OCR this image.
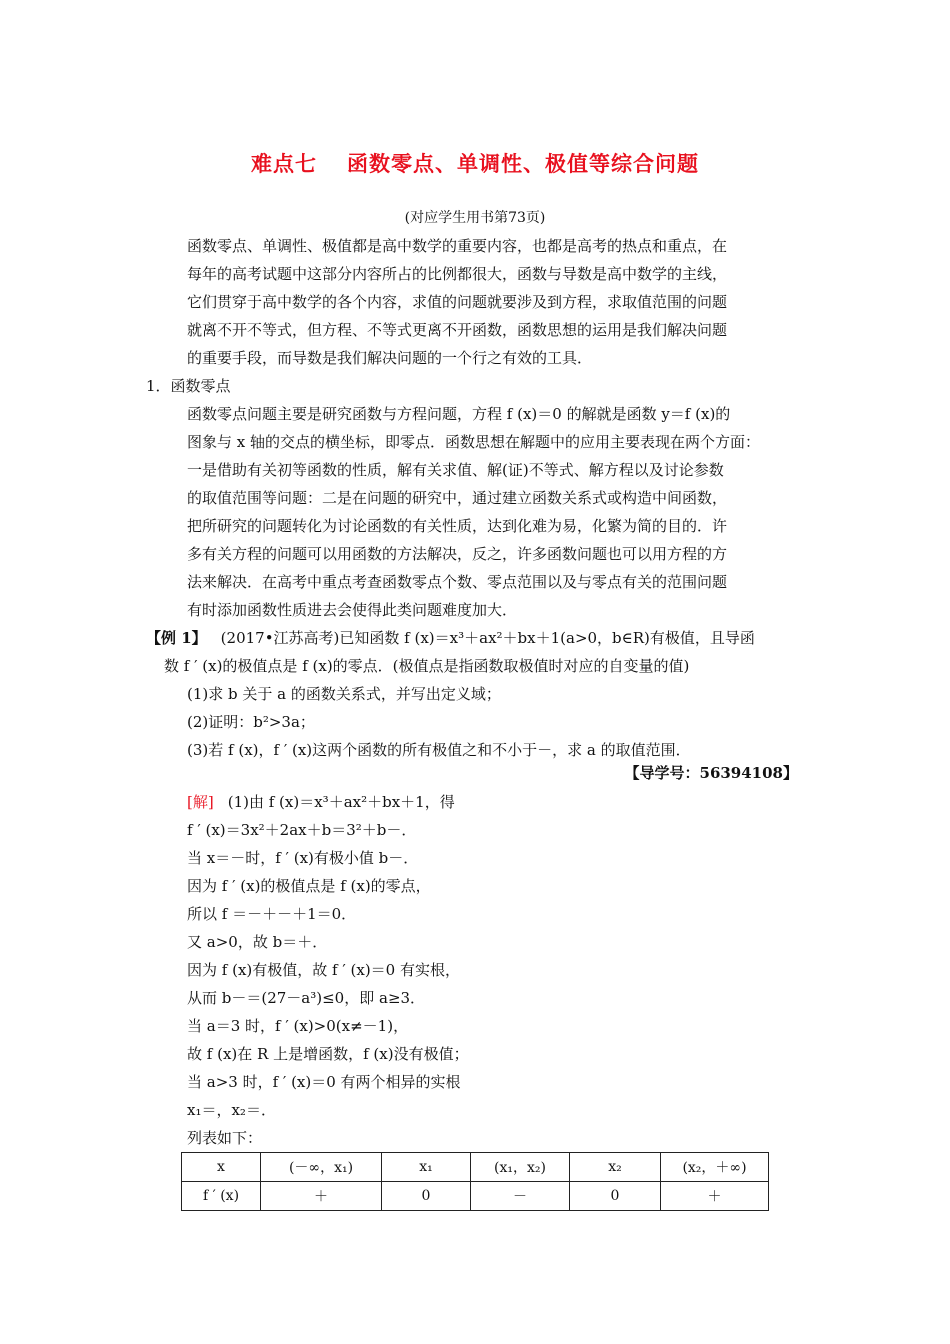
难点七 函数零点、单调性、极值等综合问题
(对应学生用书第73页)
函数零点、单调性、极值都是高中数学的重要内容，也都是高考的热点和重点，在
每年的高考试题中这部分内容所占的比例都很大，函数与导数是高中数学的主线，
它们贯穿于高中数学的各个内容，求值的问题就要涉及到方程，求取值范围的问题
就离不开不等式，但方程、不等式更离不开函数，函数思想的运用是我们解决问题
的重要手段，而导数是我们解决问题的一个行之有效的工具．
1．函数零点
函数零点问题主要是研究函数与方程问题，方程 f (x)＝0 的解就是函数 y＝f (x)的
图象与 x 轴的交点的横坐标，即零点．函数思想在解题中的应用主要表现在两个方面：
一是借助有关初等函数的性质，解有关求值、解(证)不等式、解方程以及讨论参数
的取值范围等问题：二是在问题的研究中，通过建立函数关系式或构造中间函数，
把所研究的问题转化为讨论函数的有关性质，达到化难为易，化繁为简的目的．许
多有关方程的问题可以用函数的方法解决，反之，许多函数问题也可以用方程的方
法来解决．在高考中重点考查函数零点个数、零点范围以及与零点有关的范围问题
有时添加函数性质进去会使得此类问题难度加大．
【例 1】 (2017•江苏高考)已知函数 f (x)＝x³＋ax²＋bx＋1(a>0，b∈R)有极值，且导函
数 f ′ (x)的极值点是 f (x)的零点．(极值点是指函数取极值时对应的自变量的值)
(1)求 b 关于 a 的函数关系式，并写出定义域；
(2)证明：b²>3a；
(3)若 f (x)，f ′ (x)这两个函数的所有极值之和不小于－，求 a 的取值范围．
【导学号：56394108】
[解] (1)由 f (x)＝x³＋ax²＋bx＋1，得
f ′ (x)＝3x²＋2ax＋b＝3²＋b－．
当 x＝－时，f ′ (x)有极小值 b－．
因为 f ′ (x)的极值点是 f (x)的零点，
所以 f ＝－＋－＋1＝0．
又 a>0，故 b＝＋．
因为 f (x)有极值，故 f ′ (x)＝0 有实根，
从而 b－＝(27－a³)≤0，即 a≥3．
当 a＝3 时，f ′ (x)>0(x≠－1)，
故 f (x)在 R 上是增函数，f (x)没有极值；
当 a>3 时，f ′ (x)＝0 有两个相异的实根
x₁＝，x₂＝．
列表如下：
x	(－∞，x₁)	x₁	(x₁，x₂)	x₂	(x₂，＋∞)
f ′ (x)	＋	0	－	0	＋
